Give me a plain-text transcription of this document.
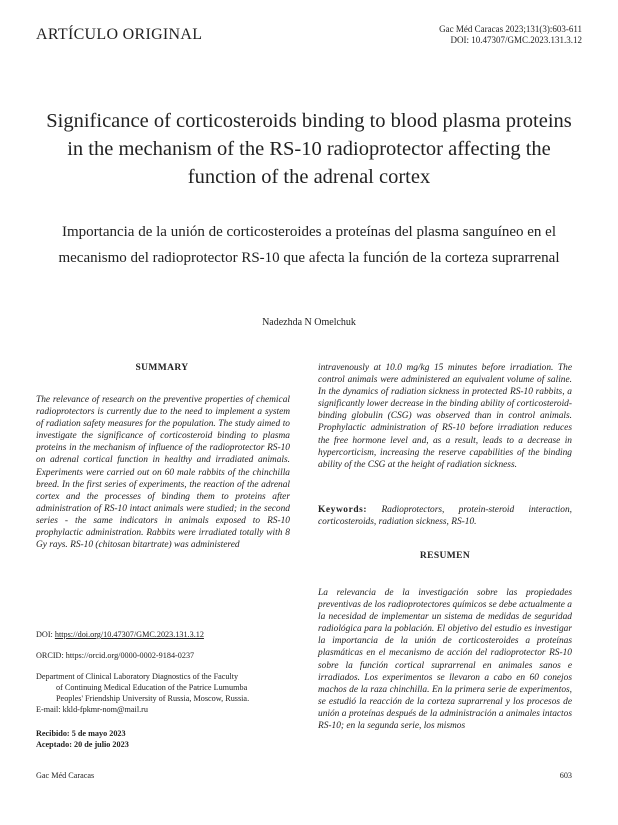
ARTÍCULO ORIGINAL	Gac Méd Caracas 2023;131(3):603-611
DOI: 10.47307/GMC.2023.131.3.12
Significance of corticosteroids binding to blood plasma proteins in the mechanism of the RS-10 radioprotector affecting the function of the adrenal cortex
Importancia de la unión de corticosteroides a proteínas del plasma sanguíneo en el mecanismo del radioprotector RS-10 que afecta la función de la corteza suprarrenal
Nadezhda N Omelchuk
SUMMARY
The relevance of research on the preventive properties of chemical radioprotectors is currently due to the need to implement a system of radiation safety measures for the population. The study aimed to investigate the significance of corticosteroid binding to plasma proteins in the mechanism of influence of the radioprotector RS-10 on adrenal cortical function in healthy and irradiated animals. Experiments were carried out on 60 male rabbits of the chinchilla breed. In the first series of experiments, the reaction of the adrenal cortex and the processes of binding them to proteins after administration of RS-10 intact animals were studied; in the second series - the same indicators in animals exposed to RS-10 prophylactic administration. Rabbits were irradiated totally with 8 Gy rays. RS-10 (chitosan bitartrate) was administered
intravenously at 10.0 mg/kg 15 minutes before irradiation. The control animals were administered an equivalent volume of saline. In the dynamics of radiation sickness in protected RS-10 rabbits, a significantly lower decrease in the binding ability of corticosteroid-binding globulin (CSG) was observed than in control animals. Prophylactic administration of RS-10 before irradiation reduces the free hormone level and, as a result, leads to a decrease in hypercorticism, increasing the reserve capabilities of the binding ability of the CSG at the height of radiation sickness.
Keywords: Radioprotectors, protein-steroid interaction, corticosteroids, radiation sickness, RS-10.
RESUMEN
La relevancia de la investigación sobre las propiedades preventivas de los radioprotectores químicos se debe actualmente a la necesidad de implementar un sistema de medidas de seguridad radiológica para la población. El objetivo del estudio es investigar la importancia de la unión de corticosteroides a proteínas plasmáticas en el mecanismo de acción del radioprotector RS-10 sobre la función cortical suprarrenal en animales sanos e irradiados. Los experimentos se llevaron a cabo en 60 conejos machos de la raza chinchilla. En la primera serie de experimentos, se estudió la reacción de la corteza suprarrenal y los procesos de unión a proteínas después de la administración a animales intactos RS-10; en la segunda serie, los mismos
DOI: https://doi.org/10.47307/GMC.2023.131.3.12
ORCID: https://orcid.org/0000-0002-9184-0237
Department of Clinical Laboratory Diagnostics of the Faculty
of Continuing Medical Education of the Patrice Lumumba
Peoples' Friendship University of Russia, Moscow, Russia.
E-mail: kkld-fpkmr-nom@mail.ru
Recibido: 5 de mayo 2023
Aceptado: 20 de julio 2023
Gac Méd Caracas	603
